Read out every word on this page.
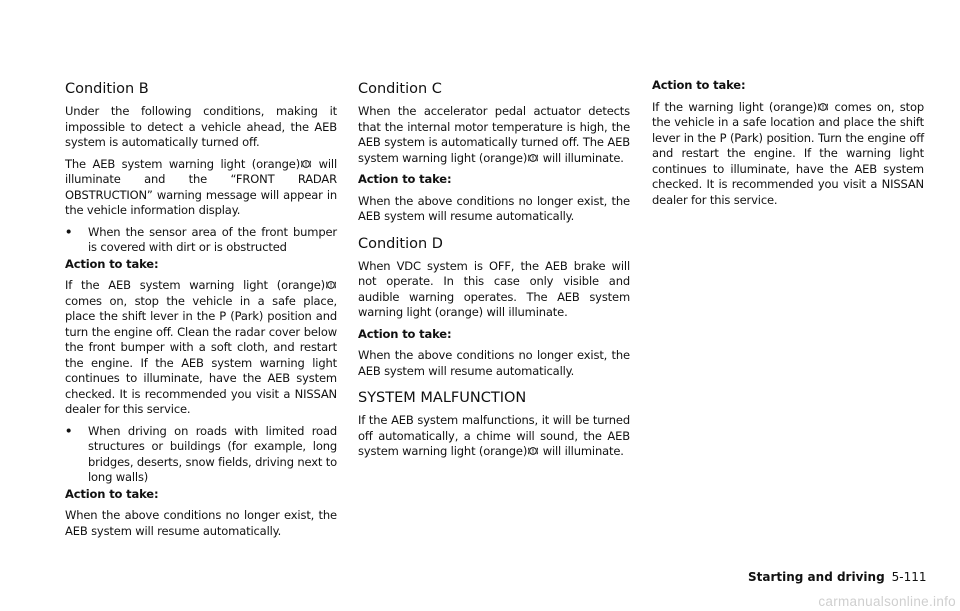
Condition B

Under the following conditions, making it impossible to detect a vehicle ahead, the AEB system is automatically turned off.

The AEB system warning light (orange)
will illuminate and the “FRONT RADAR OBSTRUCTION” warning message will appear in the vehicle information display.

• When the sensor area of the front bumper is covered with dirt or is obstructed

Action to take:

If the AEB system warning light (orange)
comes on, stop the vehicle in a safe place, place the shift lever in the P (Park) position and turn the engine off. Clean the radar cover below the front bumper with a soft cloth, and restart the engine. If the AEB system warning light continues to illuminate, have the AEB system checked. It is recommended you visit a NISSAN dealer for this service.

• When driving on roads with limited road structures or buildings (for example, long bridges, deserts, snow fields, driving next to long walls)

Action to take:

When the above conditions no longer exist, the AEB system will resume automatically.

Condition C

When the accelerator pedal actuator detects that the internal motor temperature is high, the AEB system is automatically turned off. The AEB system warning light (orange)
will illuminate.

Action to take:

When the above conditions no longer exist, the AEB system will resume automatically.

Condition D

When VDC system is OFF, the AEB brake will not operate. In this case only visible and audible warning operates. The AEB system warning light (orange) will illuminate.

Action to take:

When the above conditions no longer exist, the AEB system will resume automatically.

SYSTEM MALFUNCTION

If the AEB system malfunctions, it will be turned off automatically, a chime will sound, the AEB system warning light (orange)
will illuminate.

Action to take:

If the warning light (orange)
comes on, stop the vehicle in a safe location and place the shift lever in the P (Park) position. Turn the engine off and restart the engine. If the warning light continues to illuminate, have the AEB system checked. It is recommended you visit a NISSAN dealer for this service.

Starting and driving 5-111
carmanualsonline.info
